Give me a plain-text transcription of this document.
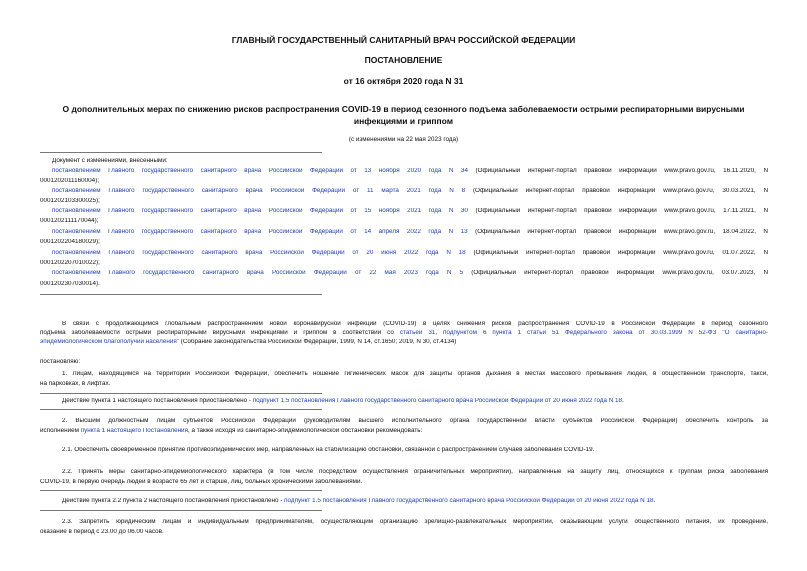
ГЛАВНЫЙ ГОСУДАРСТВЕННЫЙ САНИТАРНЫЙ ВРАЧ РОССИЙСКОЙ ФЕДЕРАЦИИ
ПОСТАНОВЛЕНИЕ
от 16 октября 2020 года N 31
О дополнительных мерах по снижению рисков распространения COVID-19 в период сезонного подъема заболеваемости острыми респираторными вирусными
инфекциями и гриппом
(с изменениями на 22 мая 2023 года)
Документ с изменениями, внесенными:
постановлением Главного государственного санитарного врача Российской Федерации от 13 ноября 2020 года N 34 (Официальный интернет-портал правовой информации www.pravo.gov.ru, 16.11.2020, N
0001202011160004);
постановлением Главного государственного санитарного врача Российской Федерации от 11 марта 2021 года N 8 (Официальный интернет-портал правовой информации www.pravo.gov.ru, 30.03.2021, N
0001202103300025);
постановлением Главного государственного санитарного врача Российской Федерации от 15 ноября 2021 года N 30 (Официальный интернет-портал правовой информации www.pravo.gov.ru, 17.11.2021, N
0001202111170044);
постановлением Главного государственного санитарного врача Российской Федерации от 14 апреля 2022 года N 13 (Официальный интернет-портал правовой информации www.pravo.gov.ru, 18.04.2022, N
0001202204180029);
постановлением Главного государственного санитарного врача Российской Федерации от 20 июня 2022 года N 18 (Официальный интернет-портал правовой информации www.pravo.gov.ru, 01.07.2022, N
0001202207010022);
постановлением Главного государственного санитарного врача Российской Федерации от 22 мая 2023 года N 5 (Официальный интернет-портал правовой информации www.pravo.gov.ru, 03.07.2023, N
0001202307030014).
В связи с продолжающимся глобальным распространением новой коронавирусной инфекции (COVID-19) в целях снижения рисков распространения COVID-19 в Российской Федерации в период сезонного
подъема заболеваемости острыми респираторными вирусными инфекциями и гриппом в соответствии со статьей 31, подпунктом 6 пункта 1 статьи 51 Федерального закона от 30.03.1999 N 52-ФЗ "О санитарно-
эпидемиологическом благополучии населения" (Собрание законодательства Российской Федерации, 1999, N 14, ст.1650; 2019, N 30, ст.4134)
постановляю:
1. Лицам, находящимся на территории Российской Федерации, обеспечить ношение гигиенических масок для защиты органов дыхания в местах массового пребывания людей, в общественном транспорте, такси,
на парковках, в лифтах.
Действие пункта 1 настоящего постановления приостановлено - подпункт 1.5 постановления Главного государственного санитарного врача Российской Федерации от 20 июня 2022 года N 18.
2. Высшим должностным лицам субъектов Российской Федерации (руководителям высшего исполнительного органа государственной власти субъектов Российской Федерации) обеспечить контроль за
исполнением пункта 1 настоящего Постановления, а также исходя из санитарно-эпидемиологической обстановки рекомендовать:
2.1. Обеспечить своевременное принятие противоэпидемических мер, направленных на стабилизацию обстановки, связанной с распространением случаев заболевания COVID-19.
2.2. Принять меры санитарно-эпидемиологического характера (в том числе посредством осуществления ограничительных мероприятий), направленные на защиту лиц, относящихся к группам риска заболевания
COVID-19, в первую очередь людей в возрасте 65 лет и старше, лиц, больных хроническими заболеваниями.
Действие пункта 2.2 пункта 2 настоящего постановления приостановлено - подпункт 1.5 постановления Главного государственного санитарного врача Российской Федерации от 20 июня 2022 года N 18.
2.3. Запретить юридическим лицам и индивидуальным предпринимателям, осуществляющим организацию зрелищно-развлекательных мероприятий, оказывающим услуги общественного питания, их проведение,
оказание в период с 23.00 до 06.00 часов.
